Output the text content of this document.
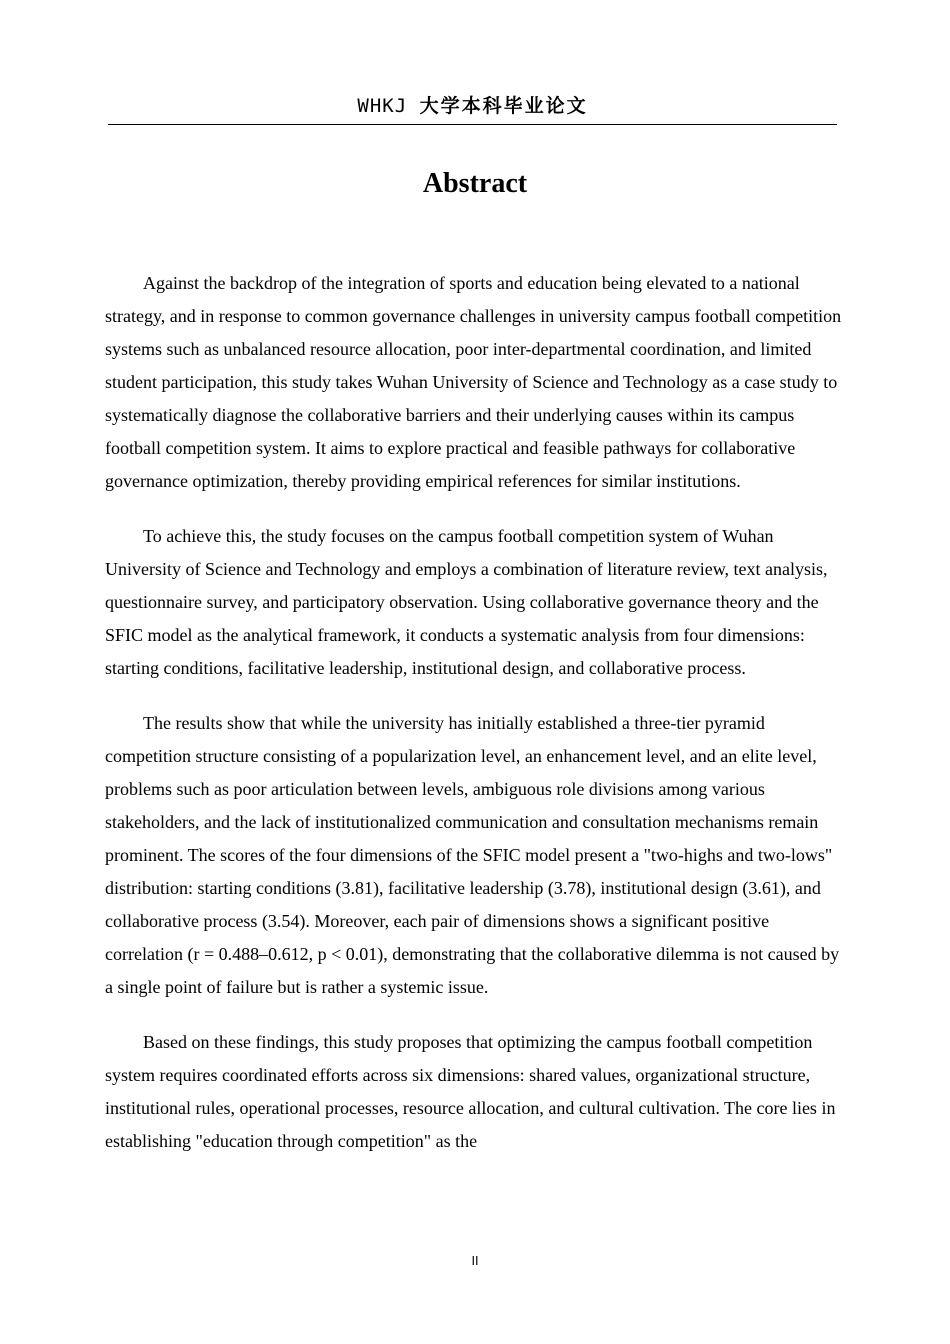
WHKJ 大学本科毕业论文
Abstract

Against the backdrop of the integration of sports and education being elevated to a national strategy, and in response to common governance challenges in university campus football competition systems such as unbalanced resource allocation, poor inter-departmental coordination, and limited student participation, this study takes Wuhan University of Science and Technology as a case study to systematically diagnose the collaborative barriers and their underlying causes within its campus football competition system. It aims to explore practical and feasible pathways for collaborative governance optimization, thereby providing empirical references for similar institutions.

To achieve this, the study focuses on the campus football competition system of Wuhan University of Science and Technology and employs a combination of literature review, text analysis, questionnaire survey, and participatory observation. Using collaborative governance theory and the SFIC model as the analytical framework, it conducts a systematic analysis from four dimensions: starting conditions, facilitative leadership, institutional design, and collaborative process.

The results show that while the university has initially established a three-tier pyramid competition structure consisting of a popularization level, an enhancement level, and an elite level, problems such as poor articulation between levels, ambiguous role divisions among various stakeholders, and the lack of institutionalized communication and consultation mechanisms remain prominent. The scores of the four dimensions of the SFIC model present a "two-highs and two-lows" distribution: starting conditions (3.81), facilitative leadership (3.78), institutional design (3.61), and collaborative process (3.54). Moreover, each pair of dimensions shows a significant positive correlation (r = 0.488–0.612, p < 0.01), demonstrating that the collaborative dilemma is not caused by a single point of failure but is rather a systemic issue.

Based on these findings, this study proposes that optimizing the campus football competition system requires coordinated efforts across six dimensions: shared values, organizational structure, institutional rules, operational processes, resource allocation, and cultural cultivation. The core lies in establishing "education through competition" as the

II
